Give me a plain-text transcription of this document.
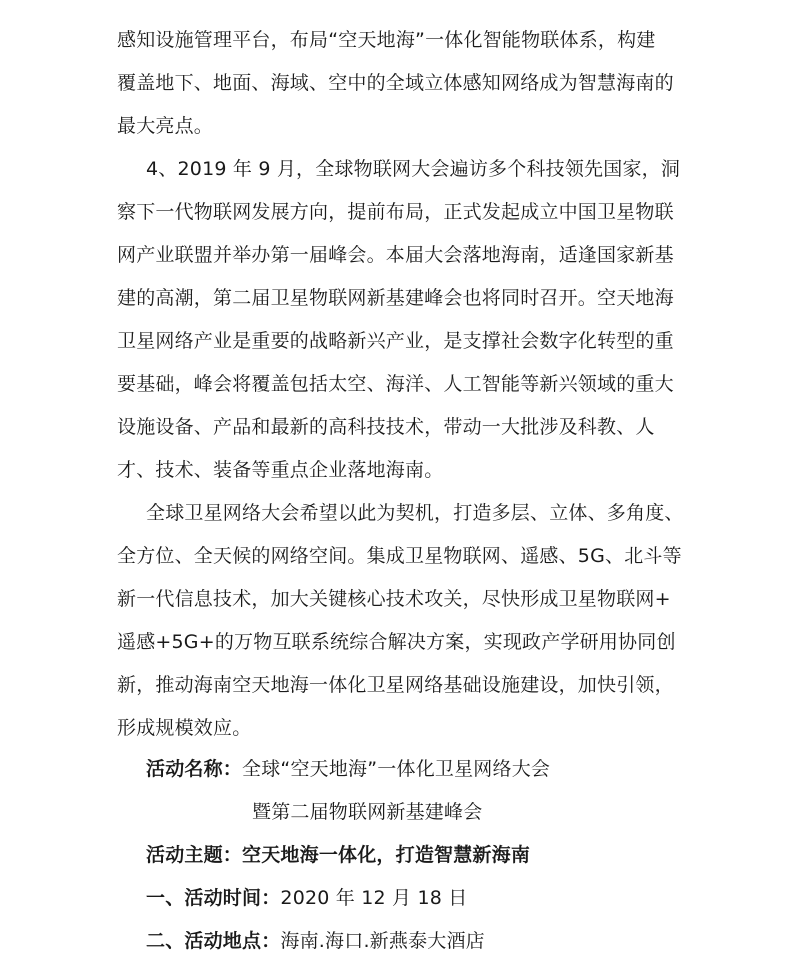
感知设施管理平台，布局“空天地海”一体化智能物联体系，构建
覆盖地下、地面、海域、空中的全域立体感知网络成为智慧海南的
最大亮点。
4、2019 年 9 月，全球物联网大会遍访多个科技领先国家，洞
察下一代物联网发展方向，提前布局，正式发起成立中国卫星物联
网产业联盟并举办第一届峰会。本届大会落地海南，适逢国家新基
建的高潮，第二届卫星物联网新基建峰会也将同时召开。空天地海
卫星网络产业是重要的战略新兴产业，是支撑社会数字化转型的重
要基础，峰会将覆盖包括太空、海洋、人工智能等新兴领域的重大
设施设备、产品和最新的高科技技术，带动一大批涉及科教、人
才、技术、装备等重点企业落地海南。
全球卫星网络大会希望以此为契机，打造多层、立体、多角度、
全方位、全天候的网络空间。集成卫星物联网、遥感、5G、北斗等
新一代信息技术，加大关键核心技术攻关，尽快形成卫星物联网+
遥感+5G+的万物互联系统综合解决方案，实现政产学研用协同创
新，推动海南空天地海一体化卫星网络基础设施建设，加快引领，
形成规模效应。
活动名称：全球“空天地海”一体化卫星网络大会
暨第二届物联网新基建峰会
活动主题：空天地海一体化，打造智慧新海南
一、活动时间：2020 年 12 月 18 日
二、活动地点：海南.海口.新燕泰大酒店
